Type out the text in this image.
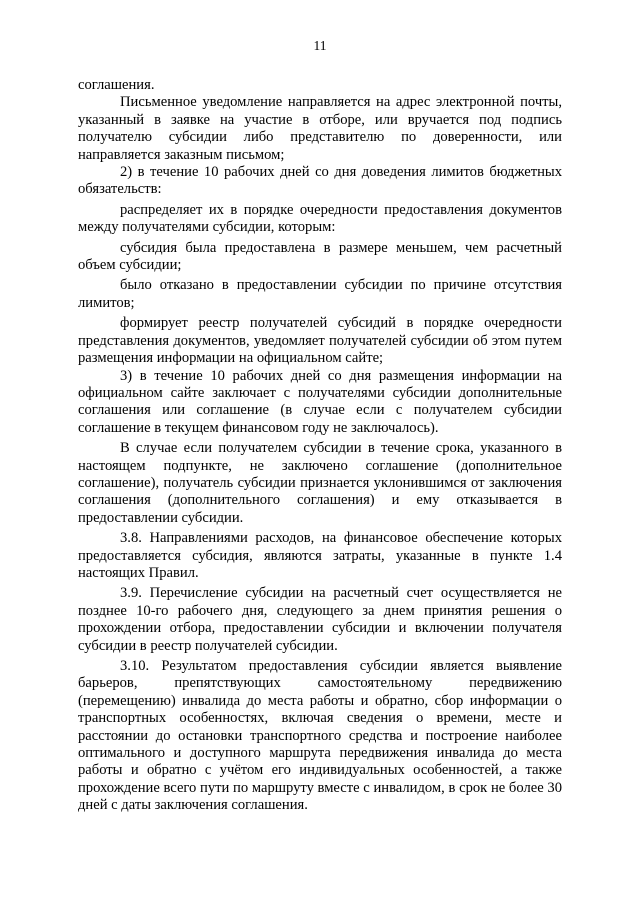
11

соглашения.

Письменное уведомление направляется на адрес электронной почты, указанный в заявке на участие в отборе, или вручается под подпись получателю субсидии либо представителю по доверенности, или направляется заказным письмом;

2) в течение 10 рабочих дней со дня доведения лимитов бюджетных обязательств:

распределяет их в порядке очередности предоставления документов между получателями субсидии, которым:

субсидия была предоставлена в размере меньшем, чем расчетный объем субсидии;

было отказано в предоставлении субсидии по причине отсутствия лимитов;

формирует реестр получателей субсидий в порядке очередности представления документов, уведомляет получателей субсидии об этом путем размещения информации на официальном сайте;

3) в течение 10 рабочих дней со дня размещения информации на официальном сайте заключает с получателями субсидии дополнительные соглашения или соглашение (в случае если с получателем субсидии соглашение в текущем финансовом году не заключалось).

В случае если получателем субсидии в течение срока, указанного в настоящем подпункте, не заключено соглашение (дополнительное соглашение), получатель субсидии признается уклонившимся от заключения соглашения (дополнительного соглашения) и ему отказывается в предоставлении субсидии.

3.8. Направлениями расходов, на финансовое обеспечение которых предоставляется субсидия, являются затраты, указанные в пункте 1.4 настоящих Правил.

3.9. Перечисление субсидии на расчетный счет осуществляется не позднее 10-го рабочего дня, следующего за днем принятия решения о прохождении отбора, предоставлении субсидии и включении получателя субсидии в реестр получателей субсидии.

3.10. Результатом предоставления субсидии является выявление барьеров, препятствующих самостоятельному передвижению (перемещению) инвалида до места работы и обратно, сбор информации о транспортных особенностях, включая сведения о времени, месте и расстоянии до остановки транспортного средства и построение наиболее оптимального и доступного маршрута передвижения инвалида до места работы и обратно с учётом его индивидуальных особенностей, а также прохождение всего пути по маршруту вместе с инвалидом, в срок не более 30 дней с даты заключения соглашения.
